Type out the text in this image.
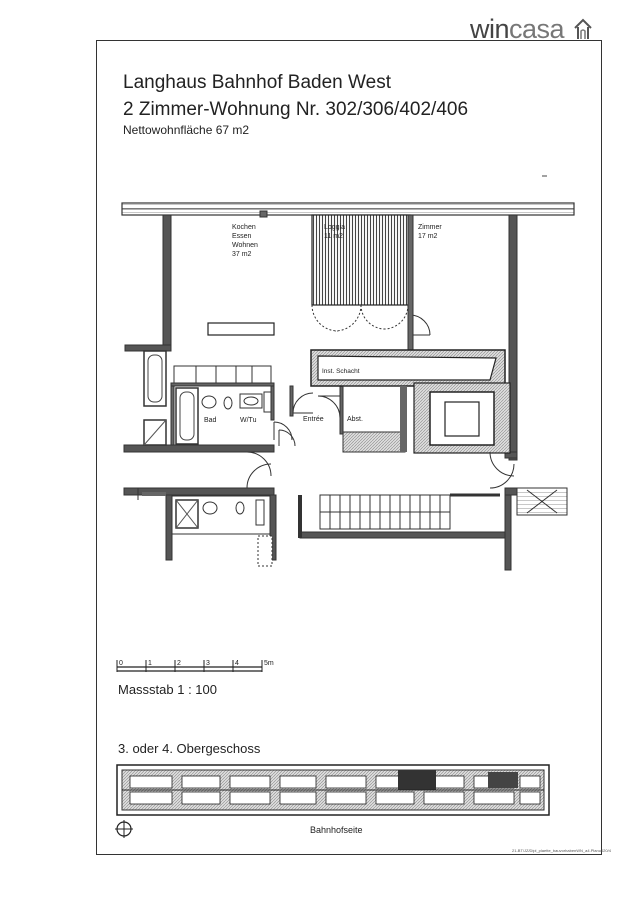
wincasa
Langhaus Bahnhof Baden West
2 Zimmer-Wohnung Nr. 302/306/402/406
Nettowohnfläche 67 m2
Kochen
Essen
Wohnen
37 m2
Loggia
11 m2
Zimmer
17 m2
Inst. Schacht
Bad	W/Tu	Entrée	Abst.
0	1	2	3	4	5m
Massstab 1 : 100
3. oder 4. Obergeschoss
Bahnhofseite
21-BT/JZ/Dipl_plaette_bauvorhabenWN_a4.Planu020/4
